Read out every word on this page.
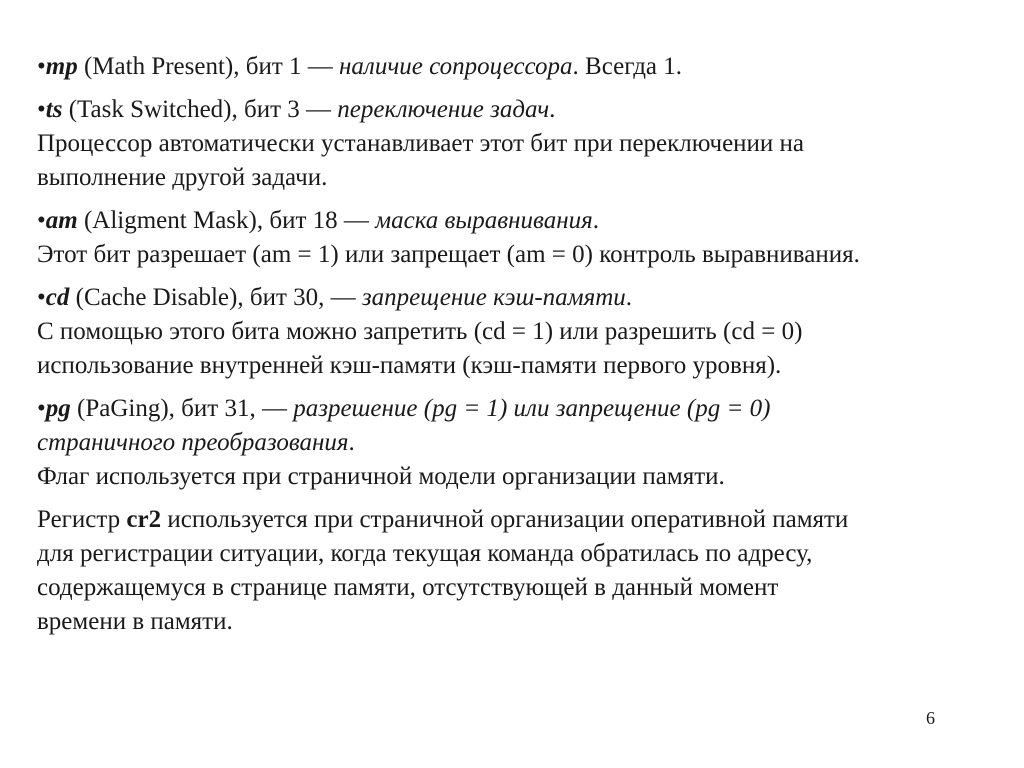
•mp (Math Present), бит 1 — наличие сопроцессора. Всегда 1.
•ts (Task Switched), бит 3 — переключение задач.
Процессор автоматически устанавливает этот бит при переключении на
выполнение другой задачи.
•am (Aligment Mask), бит 18 — маска выравнивания.
Этот бит разрешает (am = 1) или запрещает (am = 0) контроль выравнивания.
•cd (Cache Disable), бит 30, — запрещение кэш-памяти.
С помощью этого бита можно запретить (cd = 1) или разрешить (cd = 0)
использование внутренней кэш-памяти (кэш-памяти первого уровня).
•pg (PaGing), бит 31, — разрешение (pg = 1) или запрещение (pg = 0)
страничного преобразования.
Флаг используется при страничной модели организации памяти.
Регистр cr2 используется при страничной организации оперативной памяти
для регистрации ситуации, когда текущая команда обратилась по адресу,
содержащемуся в странице памяти, отсутствующей в данный момент
времени в памяти.
6
